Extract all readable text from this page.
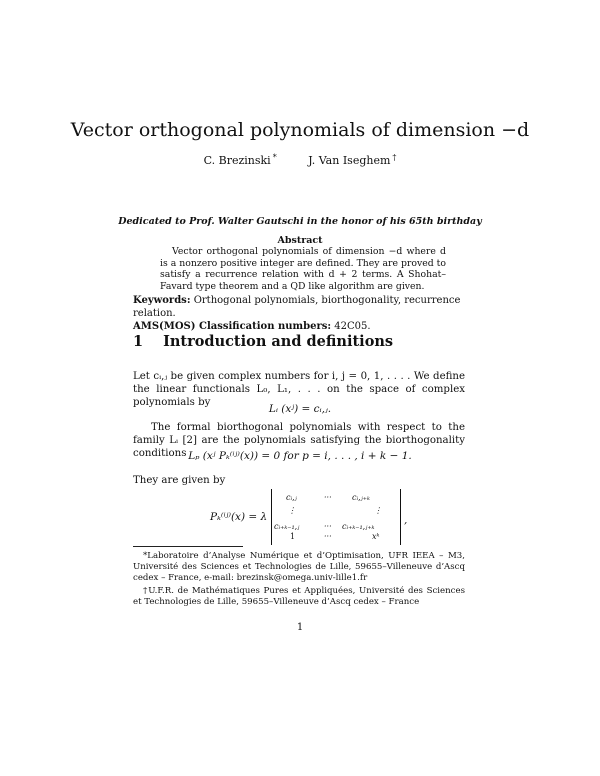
Vector orthogonal polynomials of dimension −d
C. Brezinski *	J. Van Iseghem †
Dedicated to Prof. Walter Gautschi in the honor of his 65th birthday
Abstract
Vector orthogonal polynomials of dimension −d where d is a nonzero positive integer are defined. They are proved to satisfy a recurrence relation with d + 2 terms. A Shohat–Favard type theorem and a QD like algorithm are given.
Keywords: Orthogonal polynomials, biorthogonality, recurrence relation.
AMS(MOS) Classification numbers: 42C05.
1 Introduction and definitions
Let cᵢ,ⱼ be given complex numbers for i, j = 0, 1, . . . . We define the linear functionals L₀, L₁, . . . on the space of complex polynomials by
Lᵢ (xʲ) = cᵢ,ⱼ.
The formal biorthogonal polynomials with respect to the family Lᵢ [2] are the polynomials satisfying the biorthogonality conditions Lₚ (xʲ Pₖ⁽ⁱʲ⁾(x)) = 0 for p = i, . . . , i + k − 1.
They are given by
Pₖ⁽ⁱʲ⁾(x) = λ
cᵢ,ⱼ	···	cᵢ,ⱼ₊ₖ
⋮	⋮
cᵢ₊ₖ₋₁,ⱼ	··· cᵢ₊ₖ₋₁,ⱼ₊ₖ
1	···	xᵏ
,
*Laboratoire d’Analyse Numérique et d’Optimisation, UFR IEEA – M3, Université des Sciences et Technologies de Lille, 59655–Villeneuve d’Ascq cedex – France, e-mail: brezinsk@omega.univ-lille1.fr
†U.F.R. de Mathématiques Pures et Appliquées, Université des Sciences et Technologies de Lille, 59655–Villeneuve d’Ascq cedex – France
1
